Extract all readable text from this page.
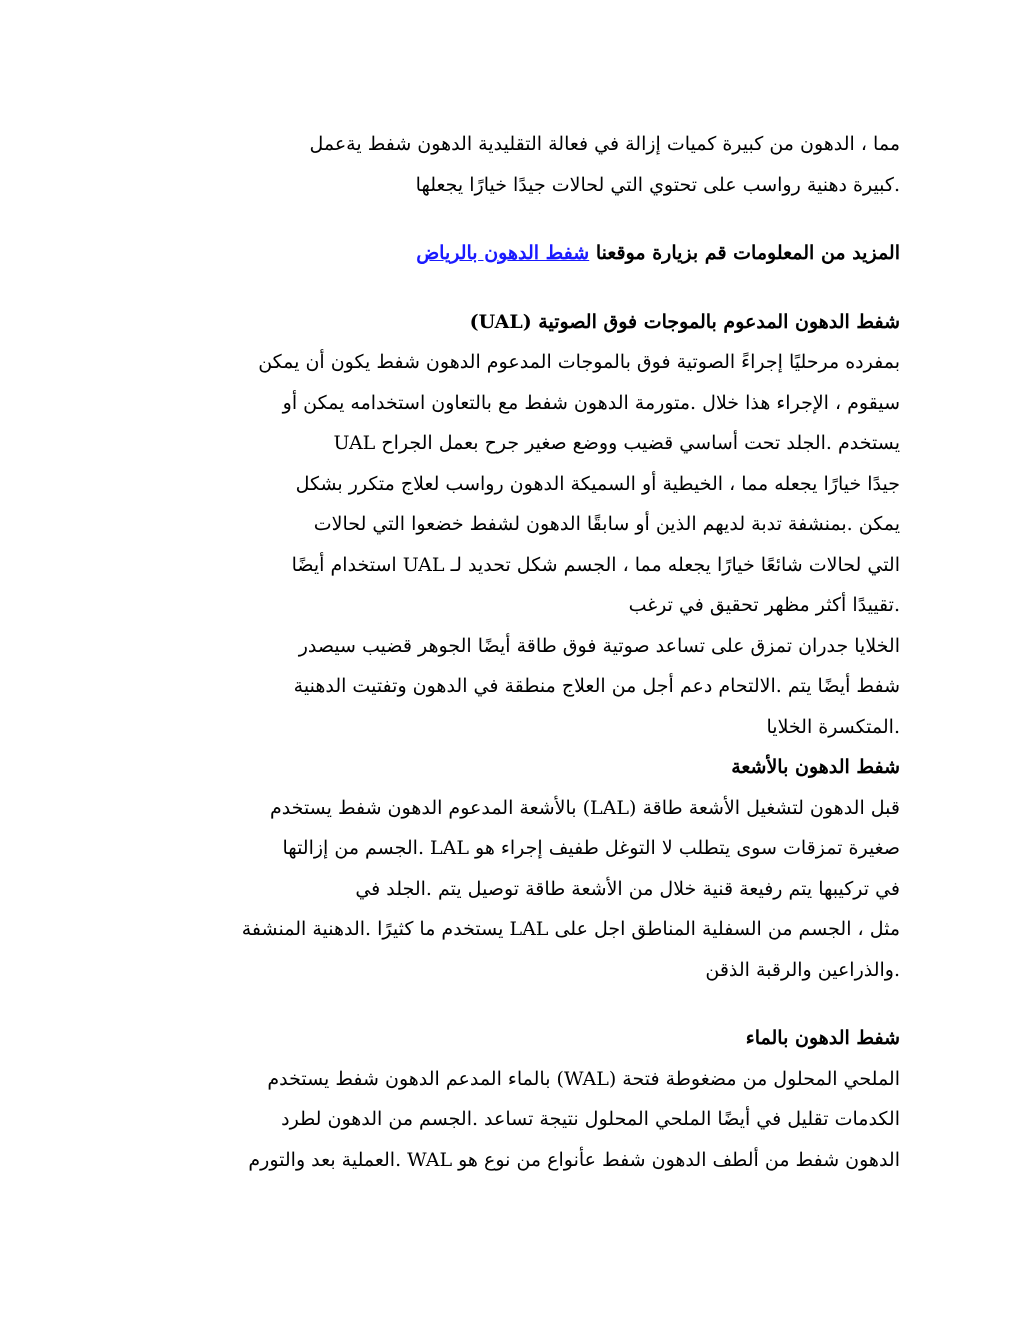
مما ، الدهون من كبيرة كميات إزالة في فعالة التقليدية الدهون شفط يةعمل
.كبيرة دهنية رواسب على تحتوي التي لحالات جيدًا خيارًا يجعلها
المزيد من المعلومات قم بزيارة موقعنا شفط الدهون بالرياض
شفط الدهون المدعوم بالموجات فوق الصوتية (UAL)
بمفرده مرحليًا إجراءً الصوتية فوق بالموجات المدعوم الدهون شفط يكون أن يمكن
سيقوم ، الإجراء هذا خلال .متورمة الدهون شفط مع بالتعاون استخدامه يمكن أو
UAL يستخدم .الجلد تحت أساسي قضيب ووضع صغير جرح بعمل الجراح
جيدًا خيارًا يجعله مما ، الخيطية أو السميكة الدهون رواسب لعلاج متكرر بشكل
يمكن .بمنشفة تدبة لديهم الذين أو سابقًا الدهون لشفط خضعوا التي لحالات
التي لحالات شائعًا خيارًا يجعله مما ، الجسم شكل تحديد لـ UAL استخدام أيضًا
.تقييدًا أكثر مظهر تحقيق في ترغب
الخلايا جدران تمزق على تساعد صوتية فوق طاقة أيضًا الجوهر قضيب سيصدر
شفط أيضًا يتم .الالتحام دعم أجل من العلاج منطقة في الدهون وتفتيت الدهنية
.المتكسرة الخلايا
شفط الدهون بالأشعة
قبل الدهون لتشغيل الأشعة طاقة (LAL) بالأشعة المدعوم الدهون شفط يستخدم
صغيرة تمزقات سوى يتطلب لا التوغل طفيف إجراء هو LAL .الجسم من إزالتها
في تركيبها يتم رفيعة قنية خلال من الأشعة طاقة توصيل يتم .الجلد في
مثل ، الجسم من السفلية المناطق اجل على LAL يستخدم ما كثيرًا .الدهنية المنشفة
.والذراعين والرقبة الذقن
شفط الدهون بالماء
الملحي المحلول من مضغوطة فتحة (WAL) بالماء المدعم الدهون شفط يستخدم
الكدمات تقليل في أيضًا الملحي المحلول نتيجة تساعد .الجسم من الدهون لطرد
الدهون شفط من ألطف الدهون شفط عأنواع من نوع هو WAL .العملية بعد والتورم
